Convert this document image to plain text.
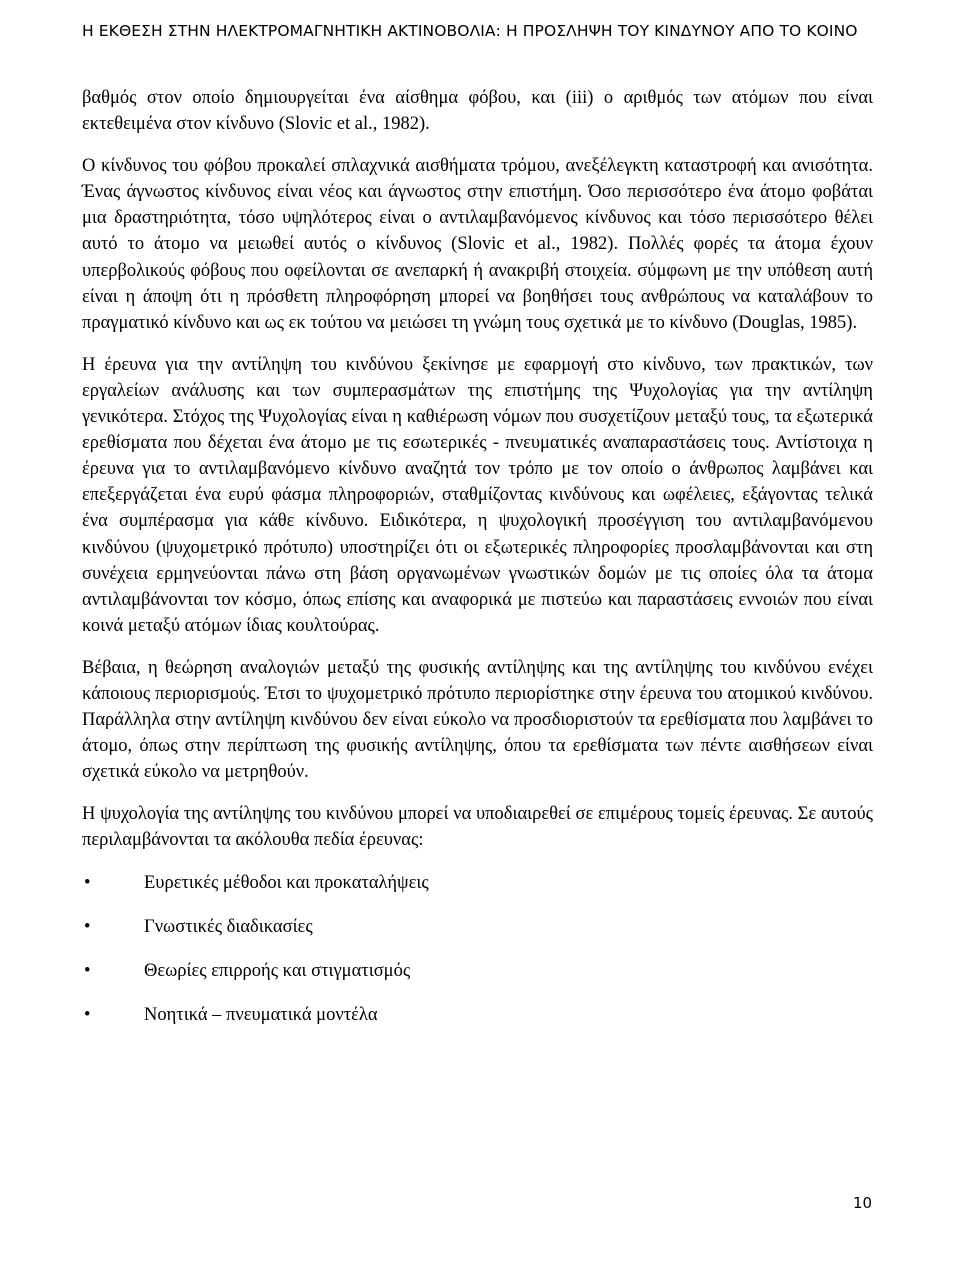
Η ΕΚΘΕΣΗ ΣΤΗΝ ΗΛΕΚΤΡΟΜΑΓΝΗΤΙΚΗ ΑΚΤΙΝΟΒΟΛΙΑ: Η ΠΡΟΣΛΗΨΗ ΤΟΥ ΚΙΝΔΥΝΟΥ ΑΠΟ ΤΟ ΚΟΙΝΟ

βαθμός στον οποίο δημιουργείται ένα αίσθημα φόβου, και (iii) ο αριθμός των ατόμων που είναι εκτεθειμένα στον κίνδυνο (Slovic et al., 1982).

Ο κίνδυνος του φόβου προκαλεί σπλαχνικά αισθήματα τρόμου, ανεξέλεγκτη καταστροφή και ανισότητα. Ένας άγνωστος κίνδυνος είναι νέος και άγνωστος στην επιστήμη. Όσο περισσότερο ένα άτομο φοβάται μια δραστηριότητα, τόσο υψηλότερος είναι ο αντιλαμβανόμενος κίνδυνος και τόσο περισσότερο θέλει αυτό το άτομο να μειωθεί αυτός ο κίνδυνος (Slovic et al., 1982). Πολλές φορές τα άτομα έχουν υπερβολικούς φόβους που οφείλονται σε ανεπαρκή ή ανακριβή στοιχεία. σύμφωνη με την υπόθεση αυτή είναι η άποψη ότι η πρόσθετη πληροφόρηση μπορεί να βοηθήσει τους ανθρώπους να καταλάβουν το πραγματικό κίνδυνο και ως εκ τούτου να μειώσει τη γνώμη τους σχετικά με το κίνδυνο (Douglas, 1985).

Η έρευνα για την αντίληψη του κινδύνου ξεκίνησε με εφαρμογή στο κίνδυνο, των πρακτικών, των εργαλείων ανάλυσης και των συμπερασμάτων της επιστήμης της Ψυχολογίας για την αντίληψη γενικότερα. Στόχος της Ψυχολογίας είναι η καθιέρωση νόμων που συσχετίζουν μεταξύ τους, τα εξωτερικά ερεθίσματα που δέχεται ένα άτομο με τις εσωτερικές - πνευματικές αναπαραστάσεις τους. Αντίστοιχα η έρευνα για το αντιλαμβανόμενο κίνδυνο αναζητά τον τρόπο με τον οποίο ο άνθρωπος λαμβάνει και επεξεργάζεται ένα ευρύ φάσμα πληροφοριών, σταθμίζοντας κινδύνους και ωφέλειες, εξάγοντας τελικά ένα συμπέρασμα για κάθε κίνδυνο. Ειδικότερα, η ψυχολογική προσέγγιση του αντιλαμβανόμενου κινδύνου (ψυχομετρικό πρότυπο) υποστηρίζει ότι οι εξωτερικές πληροφορίες προσλαμβάνονται και στη συνέχεια ερμηνεύονται πάνω στη βάση οργανωμένων γνωστικών δομών με τις οποίες όλα τα άτομα αντιλαμβάνονται τον κόσμο, όπως επίσης και αναφορικά με πιστεύω και παραστάσεις εννοιών που είναι κοινά μεταξύ ατόμων ίδιας κουλτούρας.

Βέβαια, η θεώρηση αναλογιών μεταξύ της φυσικής αντίληψης και της αντίληψης του κινδύνου ενέχει κάποιους περιορισμούς. Έτσι το ψυχομετρικό πρότυπο περιορίστηκε στην έρευνα του ατομικού κινδύνου. Παράλληλα στην αντίληψη κινδύνου δεν είναι εύκολο να προσδιοριστούν τα ερεθίσματα που λαμβάνει το άτομο, όπως στην περίπτωση της φυσικής αντίληψης, όπου τα ερεθίσματα των πέντε αισθήσεων είναι σχετικά εύκολο να μετρηθούν.

Η ψυχολογία της αντίληψης του κινδύνου μπορεί να υποδιαιρεθεί σε επιμέρους τομείς έρευνας. Σε αυτούς περιλαμβάνονται τα ακόλουθα πεδία έρευνας:

•	Ευρετικές μέθοδοι και προκαταλήψεις
•	Γνωστικές διαδικασίες
•	Θεωρίες επιρροής και στιγματισμός
•	Νοητικά – πνευματικά μοντέλα
10
